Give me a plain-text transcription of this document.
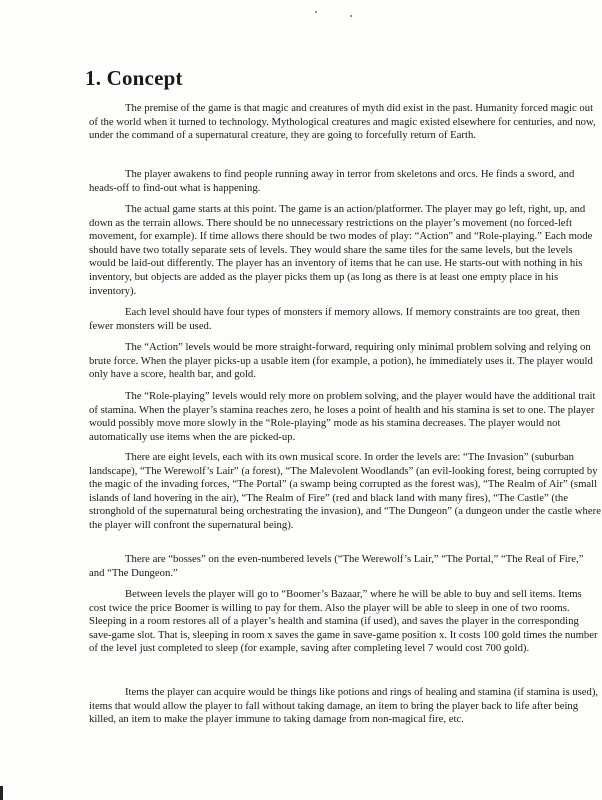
1. Concept

The premise of the game is that magic and creatures of myth did exist in the past. Humanity forced magic out of the world when it turned to technology. Mythological creatures and magic existed elsewhere for centuries, and now, under the command of a supernatural creature, they are going to forcefully return of Earth.

The player awakens to find people running away in terror from skeletons and orcs. He finds a sword, and heads-off to find-out what is happening.

The actual game starts at this point. The game is an action/platformer. The player may go left, right, up, and down as the terrain allows. There should be no unnecessary restrictions on the player’s movement (no forced-left movement, for example). If time allows there should be two modes of play: “Action” and “Role-playing.” Each mode should have two totally separate sets of levels. They would share the same tiles for the same levels, but the levels would be laid-out differently. The player has an inventory of items that he can use. He starts-out with nothing in his inventory, but objects are added as the player picks them up (as long as there is at least one empty place in his inventory).

Each level should have four types of monsters if memory allows. If memory constraints are too great, then fewer monsters will be used.

The “Action” levels would be more straight-forward, requiring only minimal problem solving and relying on brute force. When the player picks-up a usable item (for example, a potion), he immediately uses it. The player would only have a score, health bar, and gold.

The “Role-playing” levels would rely more on problem solving, and the player would have the additional trait of stamina. When the player’s stamina reaches zero, he loses a point of health and his stamina is set to one. The player would possibly move more slowly in the “Role-playing” mode as his stamina decreases. The player would not automatically use items when the are picked-up.

There are eight levels, each with its own musical score. In order the levels are: “The Invasion” (suburban landscape), “The Werewolf’s Lair” (a forest), “The Malevolent Woodlands” (an evil-looking forest, being corrupted by the magic of the invading forces, “The Portal” (a swamp being corrupted as the forest was), “The Realm of Air” (small islands of land hovering in the air), “The Realm of Fire” (red and black land with many fires), “The Castle” (the stronghold of the supernatural being orchestrating the invasion), and “The Dungeon” (a dungeon under the castle where the player will confront the supernatural being).

There are “bosses” on the even-numbered levels (“The Werewolf’s Lair,” “The Portal,” “The Real of Fire,” and “The Dungeon.”

Between levels the player will go to “Boomer’s Bazaar,” where he will be able to buy and sell items. Items cost twice the price Boomer is willing to pay for them. Also the player will be able to sleep in one of two rooms. Sleeping in a room restores all of a player’s health and stamina (if used), and saves the player in the corresponding save-game slot. That is, sleeping in room x saves the game in save-game position x. It costs 100 gold times the number of the level just completed to sleep (for example, saving after completing level 7 would cost 700 gold).

Items the player can acquire would be things like potions and rings of healing and stamina (if stamina is used), items that would allow the player to fall without taking damage, an item to bring the player back to life after being killed, an item to make the player immune to taking damage from non-magical fire, etc.
